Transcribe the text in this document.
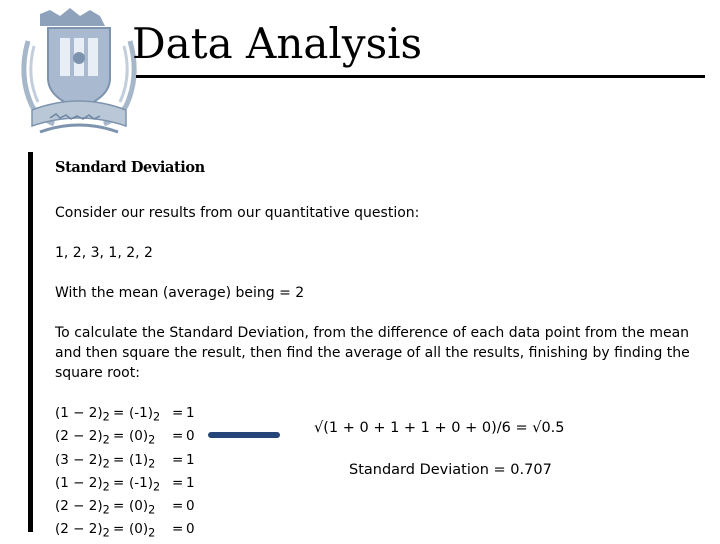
Data Analysis
Standard Deviation
Consider our results from our quantitative question:
1, 2, 3, 1, 2, 2
With the mean (average) being = 2
To calculate the Standard Deviation, from the difference of each data point from the mean and then square the result, then find the average of all the results, finishing by finding the square root:
$(1 - 2)_2 = (-1)_2 = 1$
$(2 - 2)_2 = (0)_2 = 0$
$(3 - 2)_2 = (1)_2 = 1$
$(1 - 2)_2 = (-1)_2 = 1$
$(2 - 2)_2 = (0)_2 = 0$
$(2 - 2)_2 = (0)_2 = 0$
√(1 + 0 + 1 + 1 + 0 + 0)/6 = √0.5
Standard Deviation = 0.707
